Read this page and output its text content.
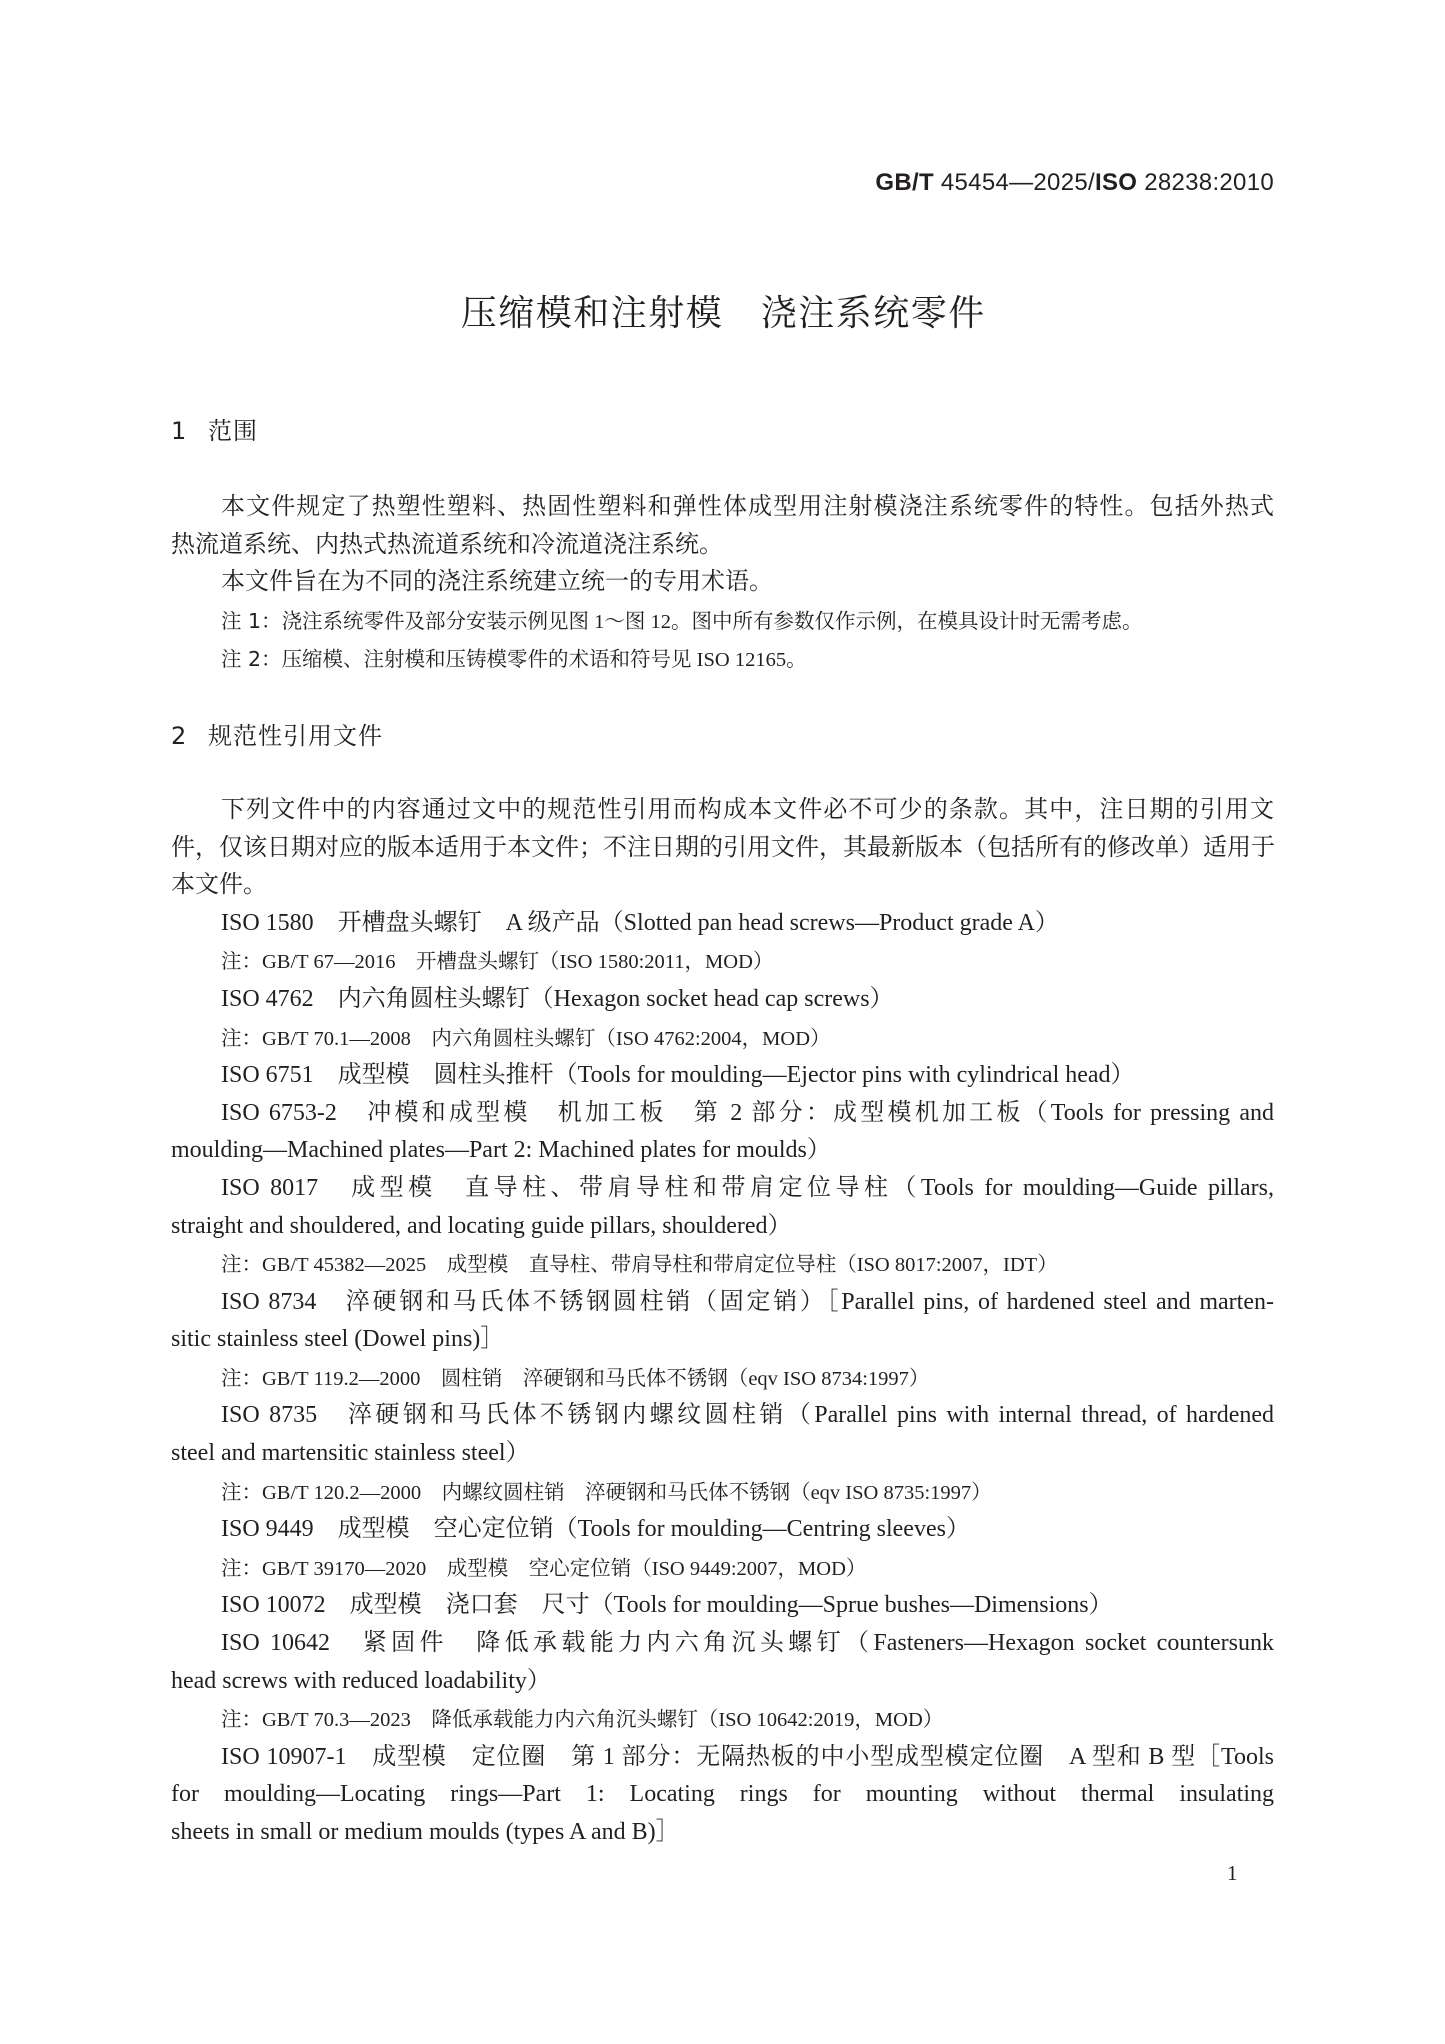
GB/T 45454—2025/ISO 28238:2010
压缩模和注射模　浇注系统零件
1 范围
本文件规定了热塑性塑料、热固性塑料和弹性体成型用注射模浇注系统零件的特性。包括外热式
热流道系统、内热式热流道系统和冷流道浇注系统。
本文件旨在为不同的浇注系统建立统一的专用术语。
注 1：浇注系统零件及部分安装示例见图 1～图 12。图中所有参数仅作示例，在模具设计时无需考虑。
注 2：压缩模、注射模和压铸模零件的术语和符号见 ISO 12165。
2 规范性引用文件
下列文件中的内容通过文中的规范性引用而构成本文件必不可少的条款。其中，注日期的引用文
件，仅该日期对应的版本适用于本文件；不注日期的引用文件，其最新版本（包括所有的修改单）适用于
本文件。
ISO 1580　开槽盘头螺钉　A 级产品（Slotted pan head screws—Product grade A）
注：GB/T 67—2016　开槽盘头螺钉（ISO 1580:2011，MOD）
ISO 4762　内六角圆柱头螺钉（Hexagon socket head cap screws）
注：GB/T 70.1—2008　内六角圆柱头螺钉（ISO 4762:2004，MOD）
ISO 6751　成型模　圆柱头推杆（Tools for moulding—Ejector pins with cylindrical head）
ISO 6753-2　冲模和成型模　机加工板　第 2 部分：成型模机加工板（Tools for pressing and
moulding—Machined plates—Part 2: Machined plates for moulds）
ISO 8017　成型模　直导柱、带肩导柱和带肩定位导柱（Tools for moulding—Guide pillars,
straight and shouldered, and locating guide pillars, shouldered）
注：GB/T 45382—2025　成型模　直导柱、带肩导柱和带肩定位导柱（ISO 8017:2007，IDT）
ISO 8734　淬硬钢和马氏体不锈钢圆柱销（固定销）［Parallel pins, of hardened steel and marten-
sitic stainless steel (Dowel pins)］
注：GB/T 119.2—2000　圆柱销　淬硬钢和马氏体不锈钢（eqv ISO 8734:1997）
ISO 8735　淬硬钢和马氏体不锈钢内螺纹圆柱销（Parallel pins with internal thread, of hardened
steel and martensitic stainless steel）
注：GB/T 120.2—2000　内螺纹圆柱销　淬硬钢和马氏体不锈钢（eqv ISO 8735:1997）
ISO 9449　成型模　空心定位销（Tools for moulding—Centring sleeves）
注：GB/T 39170—2020　成型模　空心定位销（ISO 9449:2007，MOD）
ISO 10072　成型模　浇口套　尺寸（Tools for moulding—Sprue bushes—Dimensions）
ISO 10642　紧固件　降低承载能力内六角沉头螺钉（Fasteners—Hexagon socket countersunk
head screws with reduced loadability）
注：GB/T 70.3—2023　降低承载能力内六角沉头螺钉（ISO 10642:2019，MOD）
ISO 10907-1　成型模　定位圈　第 1 部分：无隔热板的中小型成型模定位圈　A 型和 B 型［Tools
for moulding—Locating rings—Part 1: Locating rings for mounting without thermal insulating
sheets in small or medium moulds (types A and B)］
1
